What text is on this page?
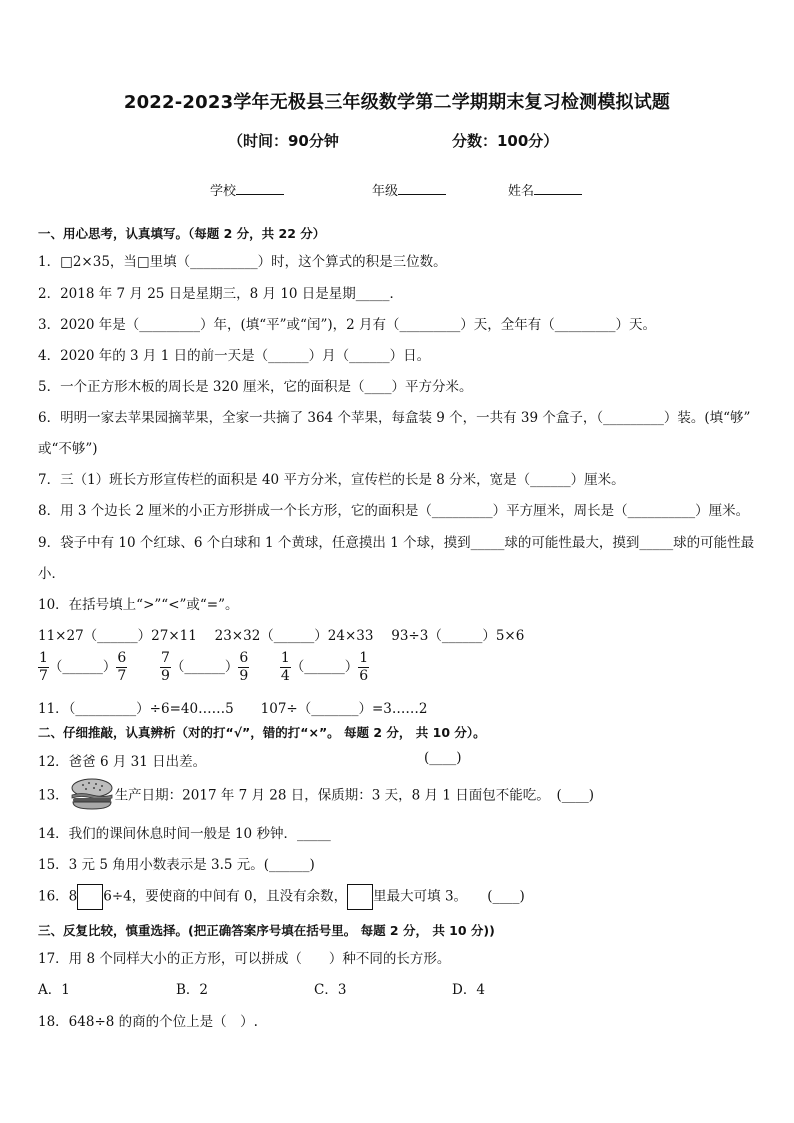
2022-2023学年无极县三年级数学第二学期期末复习检测模拟试题
（时间：90分钟	分数：100分）
学校	年级	姓名
一、用心思考，认真填写。（每题 2 分，共 22 分）
1．□2×35，当□里填（__________）时，这个算式的积是三位数。
2．2018 年 7 月 25 日是星期三，8 月 10 日是星期_____．
3．2020 年是（_________）年，(填“平”或“闰”)，2 月有（_________）天，全年有（_________）天。
4．2020 年的 3 月 1 日的前一天是（______）月（______）日。
5．一个正方形木板的周长是 320 厘米，它的面积是（____）平方分米。
6．明明一家去苹果园摘苹果，全家一共摘了 364 个苹果，每盒装 9 个，一共有 39 个盒子，（_________）装。(填“够”
或“不够”)
7．三（1）班长方形宣传栏的面积是 40 平方分米，宣传栏的长是 8 分米，宽是（______）厘米。
8．用 3 个边长 2 厘米的小正方形拼成一个长方形，它的面积是（_________）平方厘米，周长是（__________）厘米。
9．袋子中有 10 个红球、6 个白球和 1 个黄球，任意摸出 1 个球，摸到_____球的可能性最大，摸到_____球的可能性最
小．
10．在括号填上“>”“<”或“=”。
11×27（______）27×11　 23×32（______）24×33　 93÷3（______）5×6
$\frac{1}{7}$ （______） $\frac{6}{7}$
$\frac{7}{9}$ （______） $\frac{6}{9}$
$\frac{1}{4}$ （______） $\frac{1}{6}$
11．（_________）÷6=40……5　　107÷（_______）=3……2
二、仔细推敲，认真辨析（对的打“√”，错的打“×”。 每题 2 分， 共 10 分）。
12．爸爸 6 月 31 日出差。	(____)
13．	生产日期：2017 年 7 月 28 日，保质期：3 天，8 月 1 日面包不能吃。　(____)
14．我们的课间休息时间一般是 10 秒钟．_____
15．3 元 5 角用小数表示是 3.5 元。(______)
16．8 6÷4，要使商的中间有 0，且没有余数， 里最大可填 3。　　(____)
三、反复比较，慎重选择。(把正确答案序号填在括号里。 每题 2 分， 共 10 分))
17．用 8 个同样大小的正方形，可以拼成（　　）种不同的长方形。
A．1	B．2	C．3	D．4
18．648÷8 的商的个位上是（　）.
